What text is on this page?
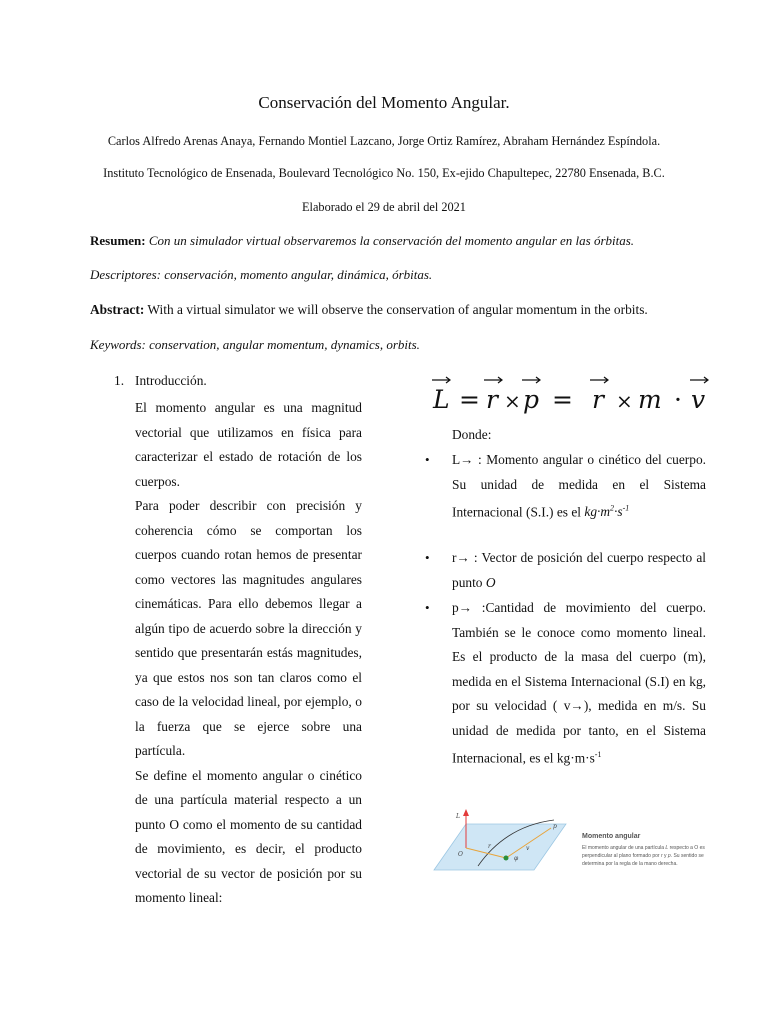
Conservación del Momento Angular.
Carlos Alfredo Arenas Anaya, Fernando Montiel Lazcano, Jorge Ortiz Ramírez, Abraham Hernández Espíndola.
Instituto Tecnológico de Ensenada, Boulevard Tecnológico No. 150, Ex-ejido Chapultepec, 22780 Ensenada, B.C.
Elaborado el 29 de abril del 2021
Resumen: Con un simulador virtual observaremos la conservación del momento angular en las órbitas.
Descriptores: conservación, momento angular, dinámica, órbitas.
Abstract: With a virtual simulator we will observe the conservation of angular momentum in the orbits.
Keywords: conservation, angular momentum, dynamics, orbits.
1. Introducción.

El momento angular es una magnitud vectorial que utilizamos en física para caracterizar el estado de rotación de los cuerpos.

Para poder describir con precisión y coherencia cómo se comportan los cuerpos cuando rotan hemos de presentar como vectores las magnitudes angulares cinemáticas. Para ello debemos llegar a algún tipo de acuerdo sobre la dirección y sentido que presentarán estás magnitudes, ya que estos nos son tan claros como el caso de la velocidad lineal, por ejemplo, o la fuerza que se ejerce sobre una partícula.

Se define el momento angular o cinético de una partícula material respecto a un punto O como el momento de su cantidad de movimiento, es decir, el producto vectorial de su vector de posición por su momento lineal:

L = r × p = r × m · v
Donde:
• L→ : Momento angular o cinético del cuerpo. Su unidad de medida en el Sistema Internacional (S.I.) es el $kg\cdot m^2\cdot s^{-1}$

• r→ : Vector de posición del cuerpo respecto al punto O

• p→ :Cantidad de movimiento del cuerpo. También se le conoce como momento lineal. Es el producto de la masa del cuerpo (m), medida en el Sistema Internacional (S.I) en kg, por su velocidad ( v→), medida en m/s. Su unidad de medida por tanto, en el Sistema Internacional, es el $kg\cdot m\cdot s^{-1}$

L
O
r
p
v
φ
Momento angular
El momento angular de una partícula L respecto a O es
perpendicular al plano formado por r y p. Su sentido se
determina por la regla de la mano derecha.
